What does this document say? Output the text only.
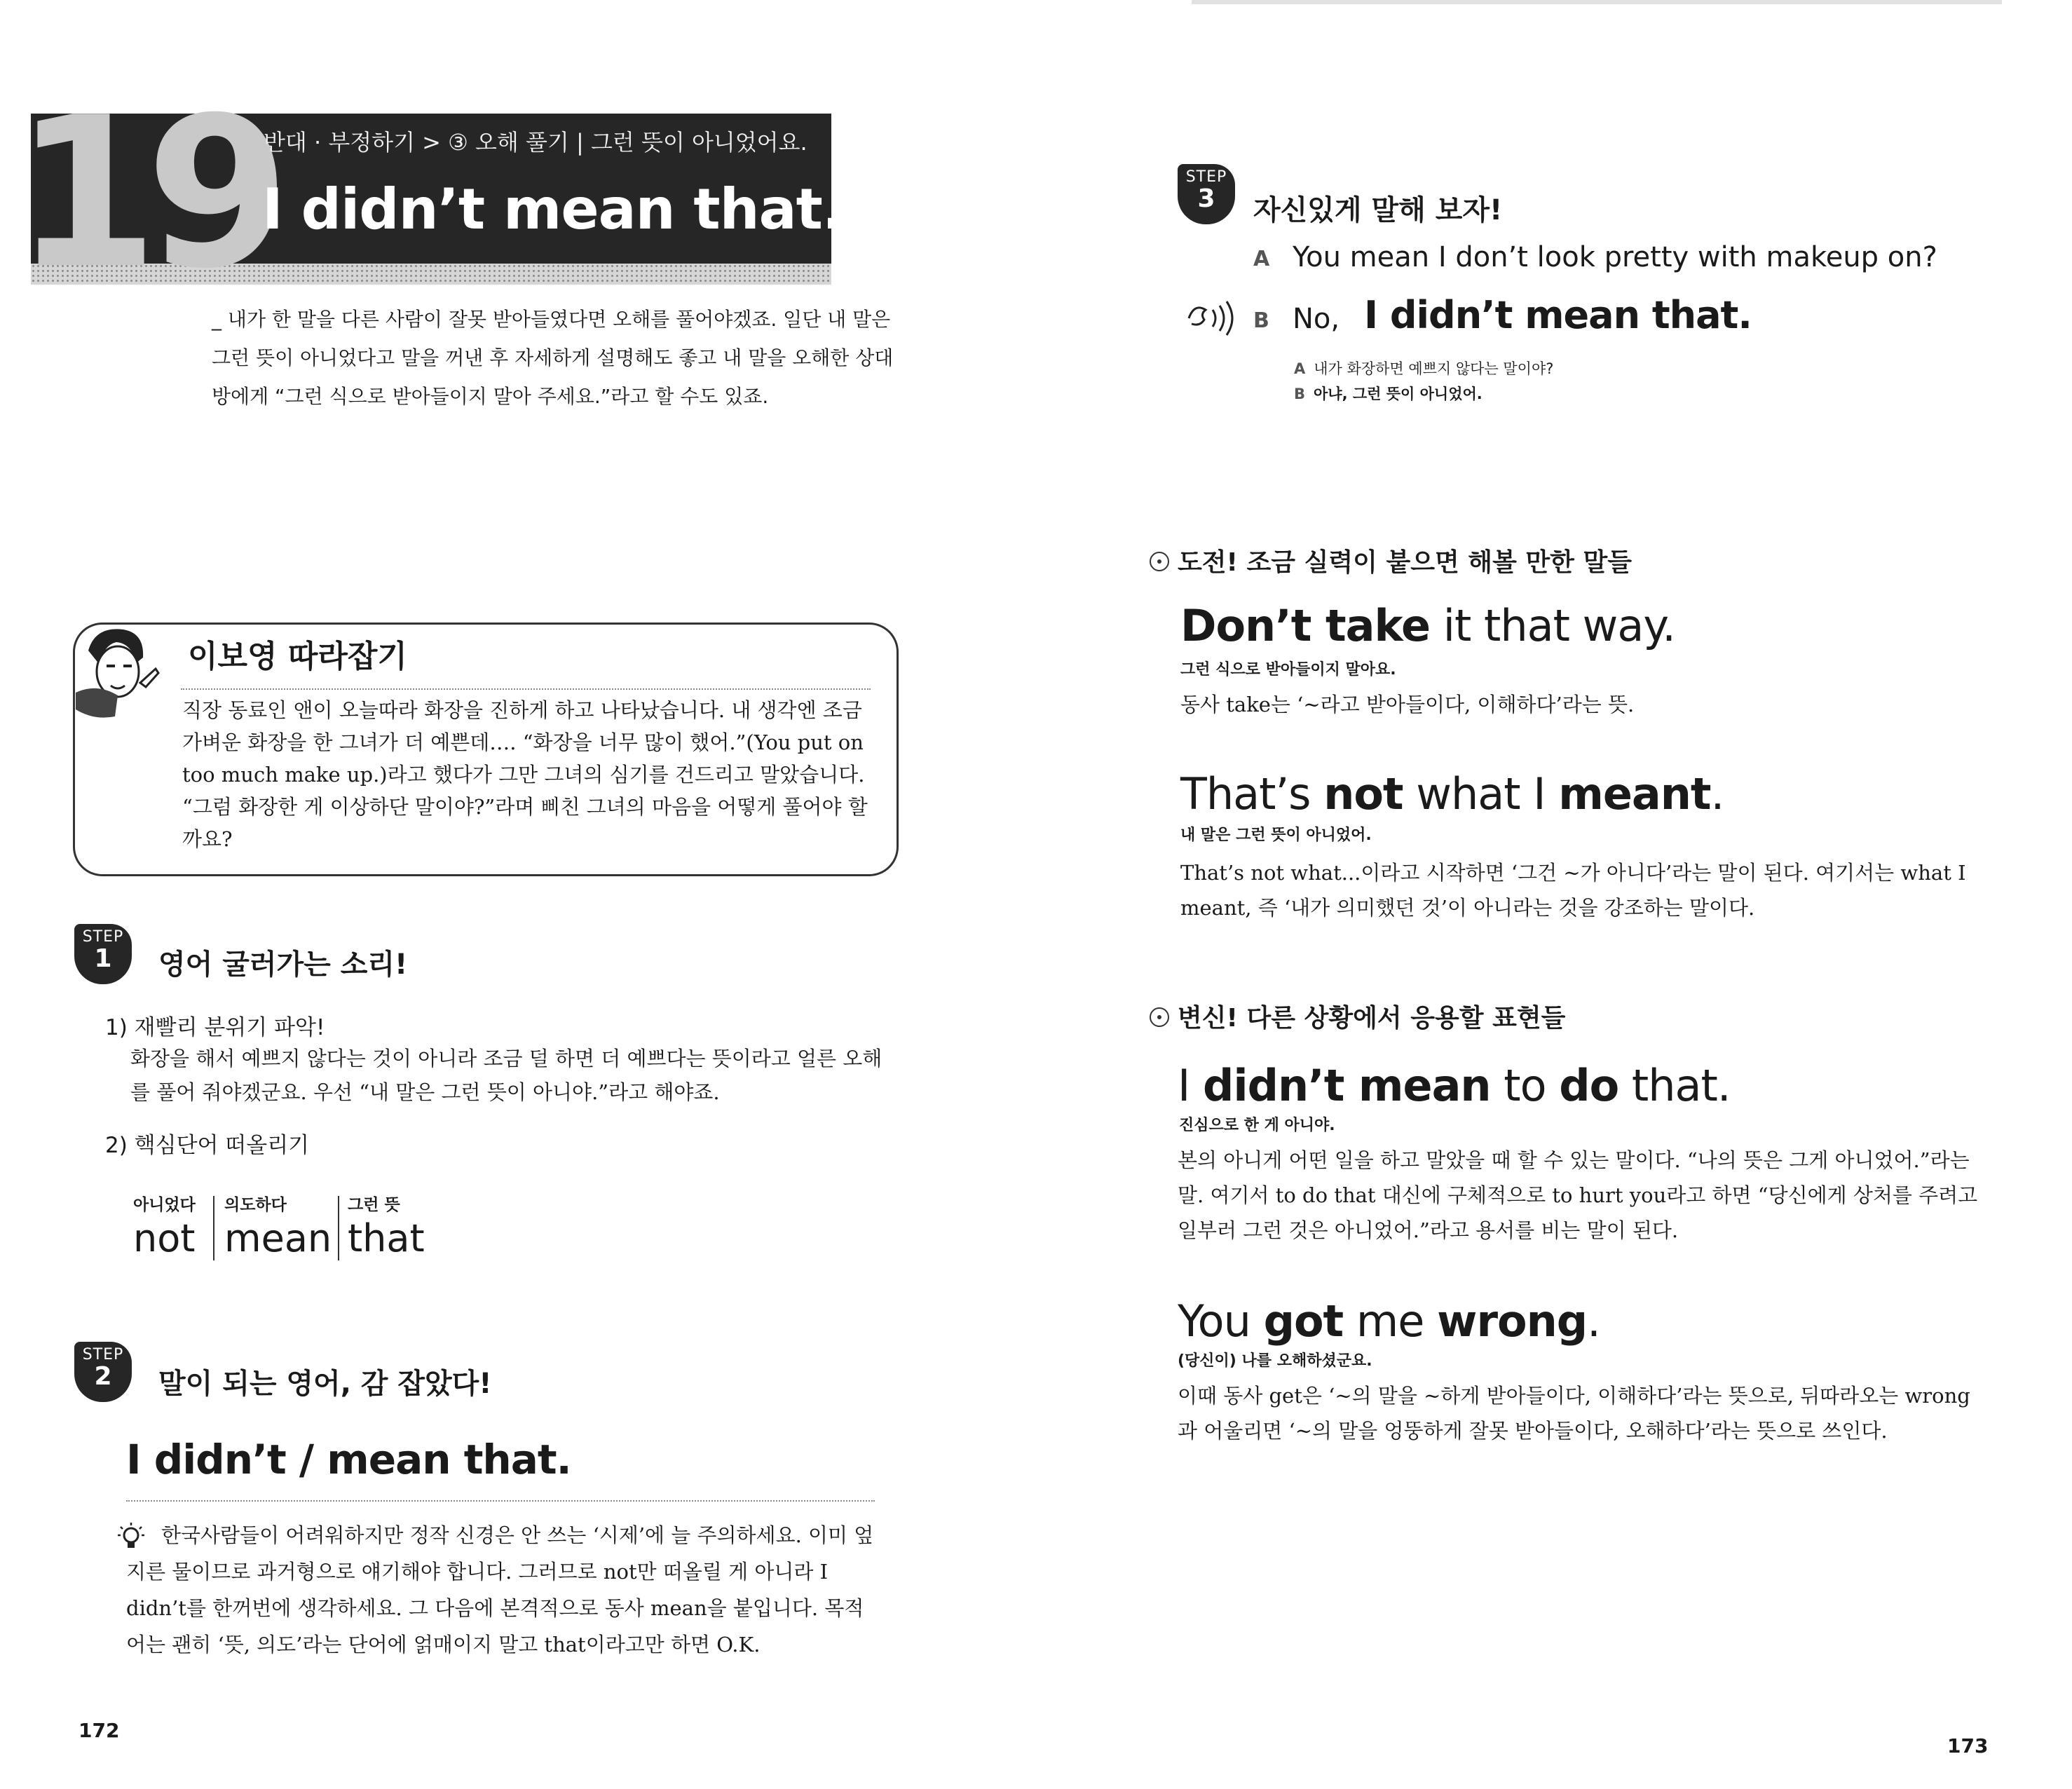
19
반대 · 부정하기 > ③ 오해 풀기 | 그런 뜻이 아니었어요.
I didn’t mean that.
_ 내가 한 말을 다른 사람이 잘못 받아들였다면 오해를 풀어야겠죠. 일단 내 말은 그런 뜻이 아니었다고 말을 꺼낸 후 자세하게 설명해도 좋고 내 말을 오해한 상대방에게 “그런 식으로 받아들이지 말아 주세요.”라고 할 수도 있죠.
이보영 따라잡기
직장 동료인 앤이 오늘따라 화장을 진하게 하고 나타났습니다. 내 생각엔 조금 가벼운 화장을 한 그녀가 더 예쁜데…. “화장을 너무 많이 했어.”(You put on too much make up.)라고 했다가 그만 그녀의 심기를 건드리고 말았습니다. “그럼 화장한 게 이상하단 말이야?”라며 삐친 그녀의 마음을 어떻게 풀어야 할까요?
STEP
1	영어 굴러가는 소리!
1) 재빨리 분위기 파악!
화장을 해서 예쁘지 않다는 것이 아니라 조금 덜 하면 더 예쁘다는 뜻이라고 얼른 오해를 풀어 줘야겠군요. 우선 “내 말은 그런 뜻이 아니야.”라고 해야죠.
2) 핵심단어 떠올리기
아니었다
not
의도하다
mean
그런 뜻
that
STEP
2	말이 되는 영어, 감 잡았다!
I didn’t / mean that.
한국사람들이 어려워하지만 정작 신경은 안 쓰는 ‘시제’에 늘 주의하세요. 이미 엎지른 물이므로 과거형으로 얘기해야 합니다. 그러므로 not만 떠올릴 게 아니라 I didn’t를 한꺼번에 생각하세요. 그 다음에 본격적으로 동사 mean을 붙입니다. 목적어는 괜히 ‘뜻, 의도’라는 단어에 얽매이지 말고 that이라고만 하면 O.K.
172
STEP
3	자신있게 말해 보자!
A You mean I don’t look pretty with makeup on?
B No, I didn’t mean that.
A 내가 화장하면 예쁘지 않다는 말이야?
B 아냐, 그런 뜻이 아니었어.
도전! 조금 실력이 붙으면 해볼 만한 말들
Don’t take it that way.
그런 식으로 받아들이지 말아요.
동사 take는 ‘~라고 받아들이다, 이해하다’라는 뜻.
That’s not what I meant.
내 말은 그런 뜻이 아니었어.
That’s not what...이라고 시작하면 ‘그건 ~가 아니다’라는 말이 된다. 여기서는 what I meant, 즉 ‘내가 의미했던 것’이 아니라는 것을 강조하는 말이다.
변신! 다른 상황에서 응용할 표현들
I didn’t mean to do that.
진심으로 한 게 아니야.
본의 아니게 어떤 일을 하고 말았을 때 할 수 있는 말이다. “나의 뜻은 그게 아니었어.”라는 말. 여기서 to do that 대신에 구체적으로 to hurt you라고 하면 “당신에게 상처를 주려고 일부러 그런 것은 아니었어.”라고 용서를 비는 말이 된다.
You got me wrong.
(당신이) 나를 오해하셨군요.
이때 동사 get은 ‘~의 말을 ~하게 받아들이다, 이해하다’라는 뜻으로, 뒤따라오는 wrong과 어울리면 ‘~의 말을 엉뚱하게 잘못 받아들이다, 오해하다’라는 뜻으로 쓰인다.
173
